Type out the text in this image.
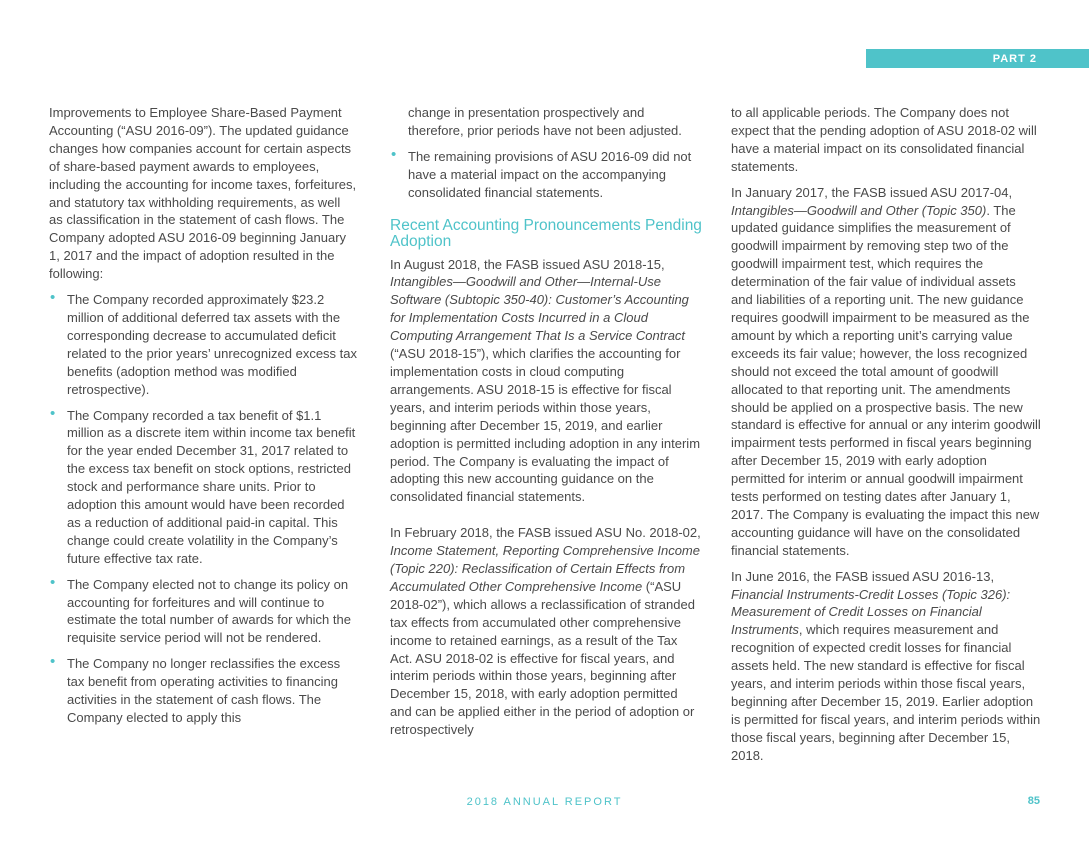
PART 2

Improvements to Employee Share-Based Payment Accounting (“ASU 2016-09”). The updated guidance changes how companies account for certain aspects of share-based payment awards to employees, including the accounting for income taxes, forfeitures, and statutory tax withholding requirements, as well as classification in the statement of cash flows. The Company adopted ASU 2016-09 beginning January 1, 2017 and the impact of adoption resulted in the following:

• The Company recorded approximately $23.2 million of additional deferred tax assets with the corresponding decrease to accumulated deficit related to the prior years’ unrecognized excess tax benefits (adoption method was modified retrospective).
• The Company recorded a tax benefit of $1.1 million as a discrete item within income tax benefit for the year ended December 31, 2017 related to the excess tax benefit on stock options, restricted stock and performance share units. Prior to adoption this amount would have been recorded as a reduction of additional paid-in capital. This change could create volatility in the Company’s future effective tax rate.
• The Company elected not to change its policy on accounting for forfeitures and will continue to estimate the total number of awards for which the requisite service period will not be rendered.
• The Company no longer reclassifies the excess tax benefit from operating activities to financing activities in the statement of cash flows. The Company elected to apply this
change in presentation prospectively and therefore, prior periods have not been adjusted.
• The remaining provisions of ASU 2016-09 did not have a material impact on the accompanying consolidated financial statements.
Recent Accounting Pronouncements Pending Adoption

In August 2018, the FASB issued ASU 2018-15, Intangibles—Goodwill and Other—Internal-Use Software (Subtopic 350-40): Customer’s Accounting for Implementation Costs Incurred in a Cloud Computing Arrangement That Is a Service Contract (“ASU 2018-15”), which clarifies the accounting for implementation costs in cloud computing arrangements. ASU 2018-15 is effective for fiscal years, and interim periods within those years, beginning after December 15, 2019, and earlier adoption is permitted including adoption in any interim period. The Company is evaluating the impact of adopting this new accounting guidance on the consolidated financial statements.

In February 2018, the FASB issued ASU No. 2018-02, Income Statement, Reporting Comprehensive Income (Topic 220): Reclassification of Certain Effects from Accumulated Other Comprehensive Income (“ASU 2018-02”), which allows a reclassification of stranded tax effects from accumulated other comprehensive income to retained earnings, as a result of the Tax Act. ASU 2018-02 is effective for fiscal years, and interim periods within those years, beginning after December 15, 2018, with early adoption permitted and can be applied either in the period of adoption or retrospectively

to all applicable periods. The Company does not expect that the pending adoption of ASU 2018-02 will have a material impact on its consolidated financial statements.

In January 2017, the FASB issued ASU 2017-04, Intangibles—Goodwill and Other (Topic 350). The updated guidance simplifies the measurement of goodwill impairment by removing step two of the goodwill impairment test, which requires the determination of the fair value of individual assets and liabilities of a reporting unit. The new guidance requires goodwill impairment to be measured as the amount by which a reporting unit’s carrying value exceeds its fair value; however, the loss recognized should not exceed the total amount of goodwill allocated to that reporting unit. The amendments should be applied on a prospective basis. The new standard is effective for annual or any interim goodwill impairment tests performed in fiscal years beginning after December 15, 2019 with early adoption permitted for interim or annual goodwill impairment tests performed on testing dates after January 1, 2017. The Company is evaluating the impact this new accounting guidance will have on the consolidated financial statements.

In June 2016, the FASB issued ASU 2016-13, Financial Instruments-Credit Losses (Topic 326): Measurement of Credit Losses on Financial Instruments, which requires measurement and recognition of expected credit losses for financial assets held. The new standard is effective for fiscal years, and interim periods within those fiscal years, beginning after December 15, 2019. Earlier adoption is permitted for fiscal years, and interim periods within those fiscal years, beginning after December 15, 2018.

2018 ANNUAL REPORT	85
